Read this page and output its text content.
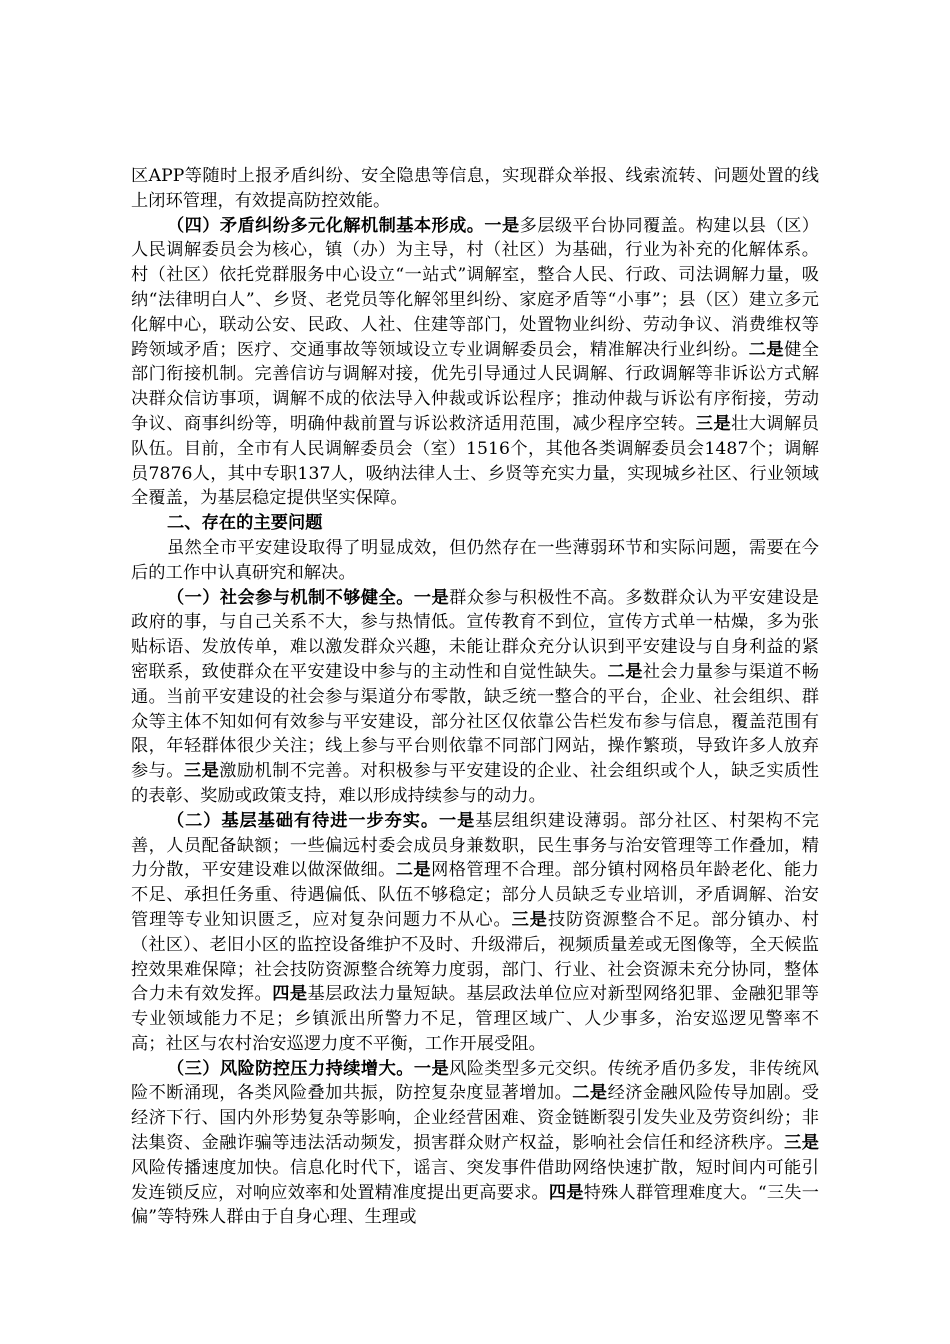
区APP等随时上报矛盾纠纷、安全隐患等信息，实现群众举报、线索流转、问题处置的线上闭环管理，有效提高防控效能。

（四）矛盾纠纷多元化解机制基本形成。一是多层级平台协同覆盖。构建以县（区）人民调解委员会为核心，镇（办）为主导，村（社区）为基础，行业为补充的化解体系。村（社区）依托党群服务中心设立“一站式”调解室，整合人民、行政、司法调解力量，吸纳“法律明白人”、乡贤、老党员等化解邻里纠纷、家庭矛盾等“小事”；县（区）建立多元化解中心，联动公安、民政、人社、住建等部门，处置物业纠纷、劳动争议、消费维权等跨领域矛盾；医疗、交通事故等领域设立专业调解委员会，精准解决行业纠纷。二是健全部门衔接机制。完善信访与调解对接，优先引导通过人民调解、行政调解等非诉讼方式解决群众信访事项，调解不成的依法导入仲裁或诉讼程序；推动仲裁与诉讼有序衔接，劳动争议、商事纠纷等，明确仲裁前置与诉讼救济适用范围，减少程序空转。三是壮大调解员队伍。目前，全市有人民调解委员会（室）1516个，其他各类调解委员会1487个；调解员7876人，其中专职137人，吸纳法律人士、乡贤等充实力量，实现城乡社区、行业领域全覆盖，为基层稳定提供坚实保障。

二、存在的主要问题

虽然全市平安建设取得了明显成效，但仍然存在一些薄弱环节和实际问题，需要在今后的工作中认真研究和解决。

（一）社会参与机制不够健全。一是群众参与积极性不高。多数群众认为平安建设是政府的事，与自己关系不大，参与热情低。宣传教育不到位，宣传方式单一枯燥，多为张贴标语、发放传单，难以激发群众兴趣，未能让群众充分认识到平安建设与自身利益的紧密联系，致使群众在平安建设中参与的主动性和自觉性缺失。二是社会力量参与渠道不畅通。当前平安建设的社会参与渠道分布零散，缺乏统一整合的平台，企业、社会组织、群众等主体不知如何有效参与平安建设，部分社区仅依靠公告栏发布参与信息，覆盖范围有限，年轻群体很少关注；线上参与平台则依靠不同部门网站，操作繁琐，导致许多人放弃参与。三是激励机制不完善。对积极参与平安建设的企业、社会组织或个人，缺乏实质性的表彰、奖励或政策支持，难以形成持续参与的动力。

（二）基层基础有待进一步夯实。一是基层组织建设薄弱。部分社区、村架构不完善，人员配备缺额；一些偏远村委会成员身兼数职，民生事务与治安管理等工作叠加，精力分散，平安建设难以做深做细。二是网格管理不合理。部分镇村网格员年龄老化、能力不足、承担任务重、待遇偏低、队伍不够稳定；部分人员缺乏专业培训，矛盾调解、治安管理等专业知识匮乏，应对复杂问题力不从心。三是技防资源整合不足。部分镇办、村（社区）、老旧小区的监控设备维护不及时、升级滞后，视频质量差或无图像等，全天候监控效果难保障；社会技防资源整合统筹力度弱，部门、行业、社会资源未充分协同，整体合力未有效发挥。四是基层政法力量短缺。基层政法单位应对新型网络犯罪、金融犯罪等专业领域能力不足；乡镇派出所警力不足，管理区域广、人少事多，治安巡逻见警率不高；社区与农村治安巡逻力度不平衡，工作开展受阻。

（三）风险防控压力持续增大。一是风险类型多元交织。传统矛盾仍多发，非传统风险不断涌现，各类风险叠加共振，防控复杂度显著增加。二是经济金融风险传导加剧。受经济下行、国内外形势复杂等影响，企业经营困难、资金链断裂引发失业及劳资纠纷；非法集资、金融诈骗等违法活动频发，损害群众财产权益，影响社会信任和经济秩序。三是风险传播速度加快。信息化时代下，谣言、突发事件借助网络快速扩散，短时间内可能引发连锁反应，对响应效率和处置精准度提出更高要求。四是特殊人群管理难度大。“三失一偏”等特殊人群由于自身心理、生理或
